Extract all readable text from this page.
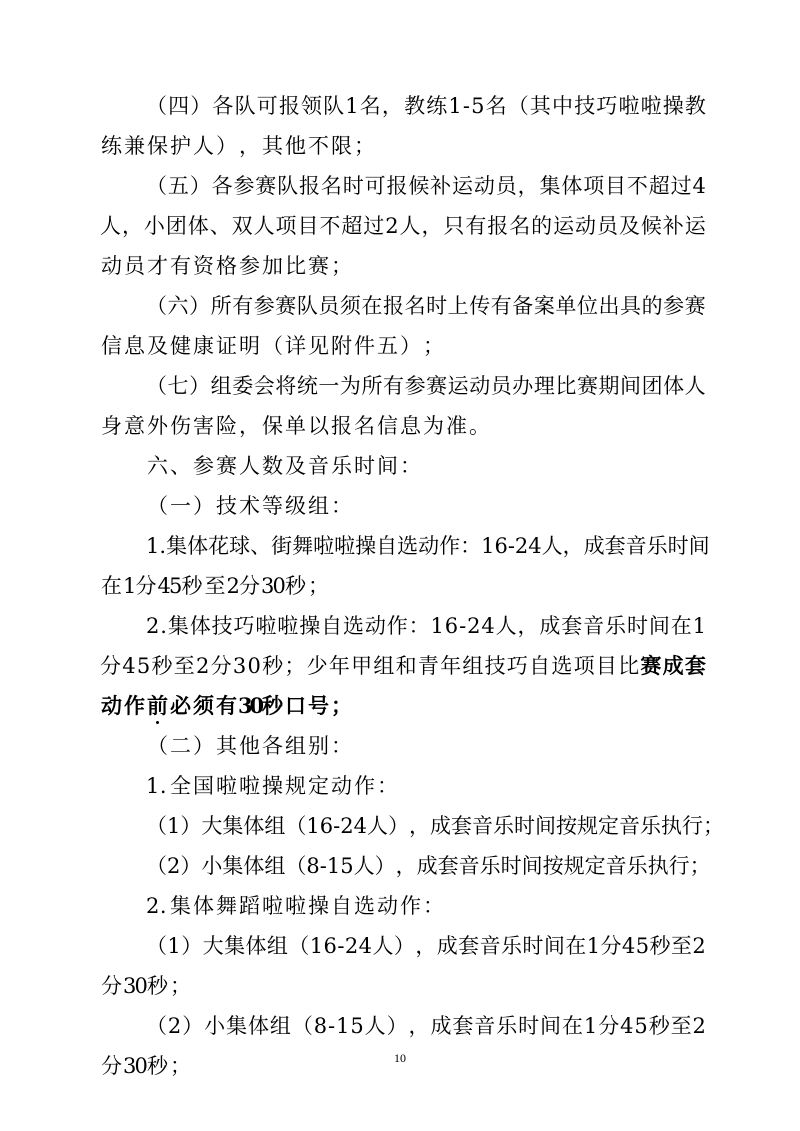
（ 四 ） 各 队 可 报 领 队 1 名 ， 教 练 1 - 5 名 （ 其 中 技 巧 啦 啦 操 教
练兼保护人），其他不限；
（ 五 ） 各 参 赛 队 报 名 时 可 报 候 补 运 动 员 ， 集 体 项 目 不 超 过 4
人 ， 小 团 体 、 双 人 项 目 不 超 过 2 人 ， 只 有 报 名 的 运 动 员 及 候 补 运
动员才有资格参加比赛；
（ 六 ） 所 有 参 赛 队 员 须 在 报 名 时 上 传 有 备 案 单 位 出 具 的 参 赛
信息及健康证明（详见附件五）；
（ 七 ） 组 委 会 将 统 一 为 所 有 参 赛 运 动 员 办 理 比 赛 期 间 团 体 人
身意外伤害险，保单以报名信息为准。
六、参赛人数及音乐时间：
（一）技术等级组：
1 . 集 体 花 球 、 街 舞 啦 啦 操 自 选 动 作 ： 1 6 - 2 4 人 ， 成 套 音 乐 时 间
在1分45秒至2分30秒；
2 . 集 体 技 巧 啦 啦 操 自 选 动 作 ： 1 6 - 2 4 人 ， 成 套 音 乐 时 间 在 1
分 4 5 秒 至 2 分 3 0 秒 ； 少 年 甲 组 和 青 年 组 技 巧 自 选 项 目 比 赛 成 套
动作前必须有30秒口号；
（二）其他各组别：
1. 全国啦啦操规定动作：
（ 1 ） 大 集 体 组 （ 1 6 - 2 4 人 ） ， 成 套 音 乐 时 间 按 规 定 音 乐 执 行 ；
（ 2 ） 小 集 体 组 （ 8 - 1 5 人 ） ， 成 套 音 乐 时 间 按 规 定 音 乐 执 行 ；
2. 集体舞蹈啦啦操自选动作：
（ 1 ） 大 集 体 组 （ 1 6 - 2 4 人 ） ， 成 套 音 乐 时 间 在 1 分 4 5 秒 至 2
分30秒；
（ 2 ） 小 集 体 组 （ 8 - 1 5 人 ） ， 成 套 音 乐 时 间 在 1 分 4 5 秒 至 2
分30秒；	10
